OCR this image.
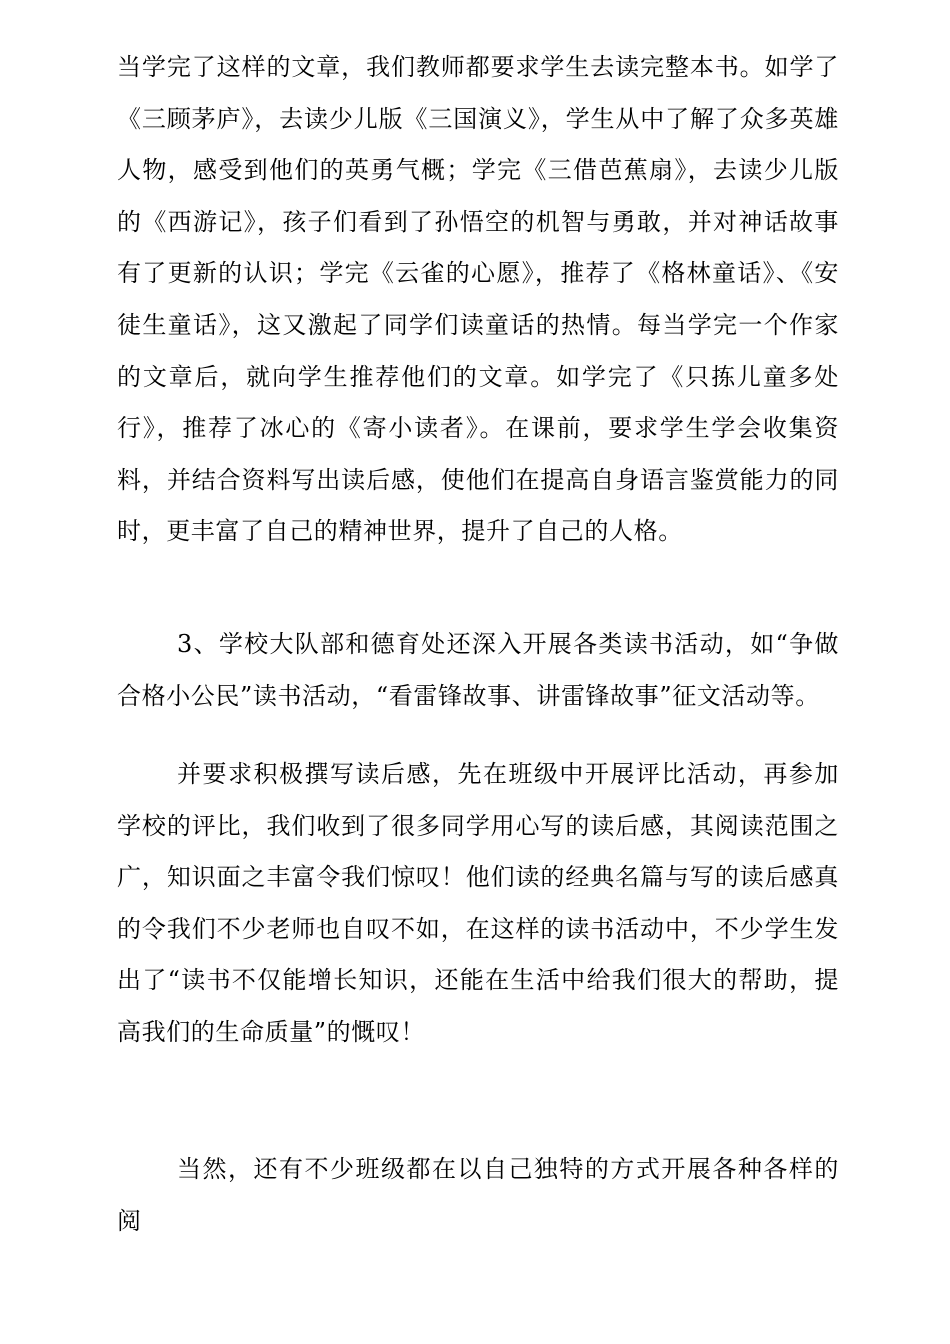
当学完了这样的文章，我们教师都要求学生去读完整本书。如学了《三顾茅庐》，去读少儿版《三国演义》，学生从中了解了众多英雄人物，感受到他们的英勇气概；学完《三借芭蕉扇》，去读少儿版的《西游记》，孩子们看到了孙悟空的机智与勇敢，并对神话故事有了更新的认识；学完《云雀的心愿》，推荐了《格林童话》、《安徒生童话》，这又激起了同学们读童话的热情。每当学完一个作家的文章后，就向学生推荐他们的文章。如学完了《只拣儿童多处行》，推荐了冰心的《寄小读者》。在课前，要求学生学会收集资料，并结合资料写出读后感，使他们在提高自身语言鉴赏能力的同时，更丰富了自己的精神世界，提升了自己的人格。

3、学校大队部和德育处还深入开展各类读书活动，如“争做合格小公民”读书活动，“看雷锋故事、讲雷锋故事”征文活动等。

并要求积极撰写读后感，先在班级中开展评比活动，再参加学校的评比，我们收到了很多同学用心写的读后感，其阅读范围之广，知识面之丰富令我们惊叹！他们读的经典名篇与写的读后感真的令我们不少老师也自叹不如，在这样的读书活动中，不少学生发出了“读书不仅能增长知识，还能在生活中给我们很大的帮助，提高我们的生命质量”的慨叹！

当然，还有不少班级都在以自己独特的方式开展各种各样的阅
